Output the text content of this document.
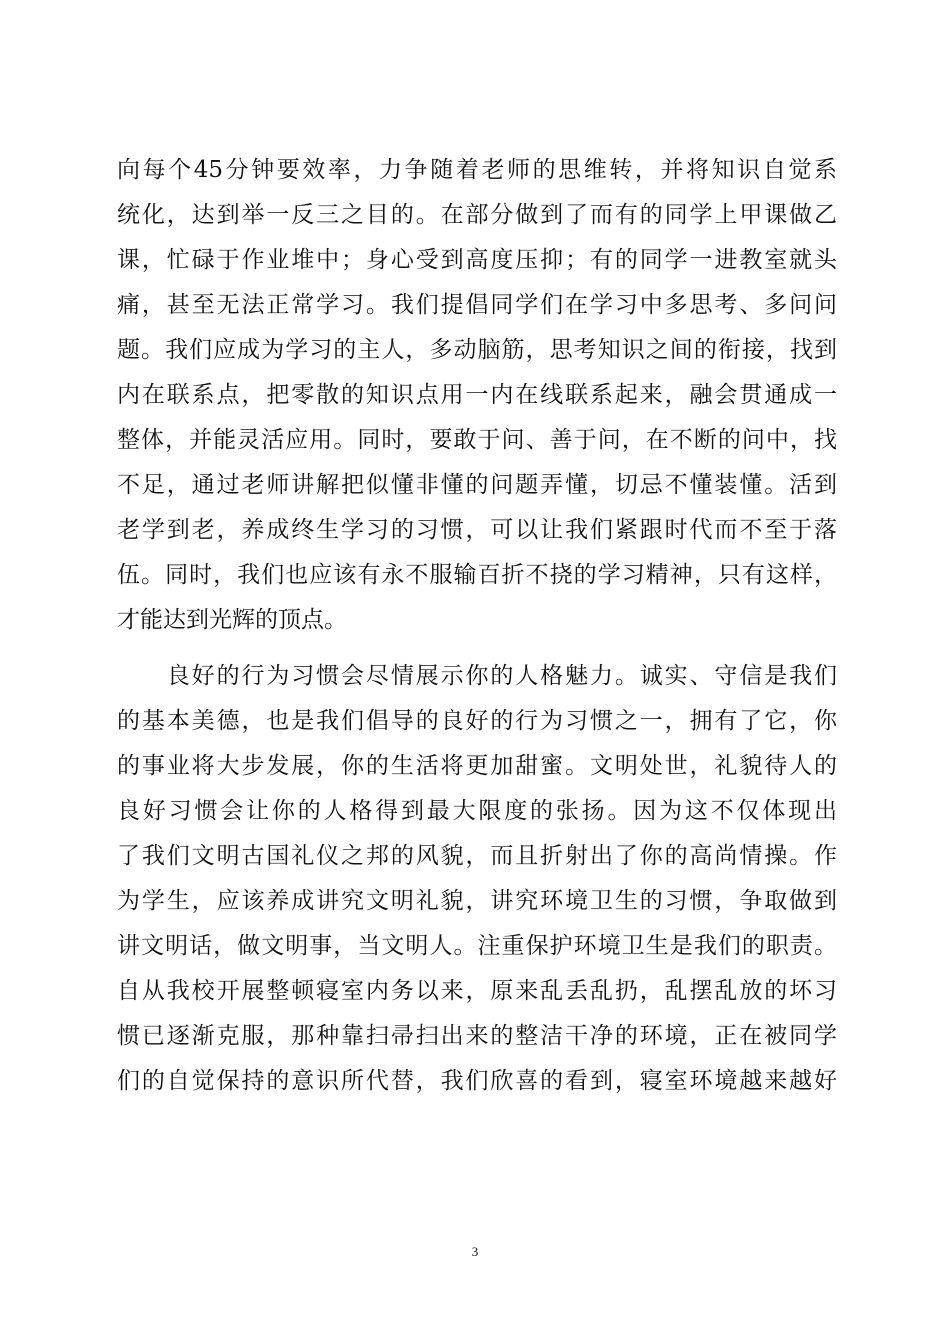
向每个45分钟要效率，力争随着老师的思维转，并将知识自觉系
统化，达到举一反三之目的。在部分做到了而有的同学上甲课做乙
课，忙碌于作业堆中；身心受到高度压抑；有的同学一进教室就头
痛，甚至无法正常学习。我们提倡同学们在学习中多思考、多问问
题。我们应成为学习的主人，多动脑筋，思考知识之间的衔接，找到
内在联系点，把零散的知识点用一内在线联系起来，融会贯通成一
整体，并能灵活应用。同时，要敢于问、善于问，在不断的问中，找
不足，通过老师讲解把似懂非懂的问题弄懂，切忌不懂装懂。活到
老学到老，养成终生学习的习惯，可以让我们紧跟时代而不至于落
伍。同时，我们也应该有永不服输百折不挠的学习精神，只有这样，
才能达到光辉的顶点。
　　良好的行为习惯会尽情展示你的人格魅力。诚实、守信是我们
的基本美德，也是我们倡导的良好的行为习惯之一，拥有了它，你
的事业将大步发展，你的生活将更加甜蜜。文明处世，礼貌待人的
良好习惯会让你的人格得到最大限度的张扬。因为这不仅体现出
了我们文明古国礼仪之邦的风貌，而且折射出了你的高尚情操。作
为学生，应该养成讲究文明礼貌，讲究环境卫生的习惯，争取做到
讲文明话，做文明事，当文明人。注重保护环境卫生是我们的职责。
自从我校开展整顿寝室内务以来，原来乱丢乱扔，乱摆乱放的坏习
惯已逐渐克服，那种靠扫帚扫出来的整洁干净的环境，正在被同学
们的自觉保持的意识所代替，我们欣喜的看到，寝室环境越来越好
3
